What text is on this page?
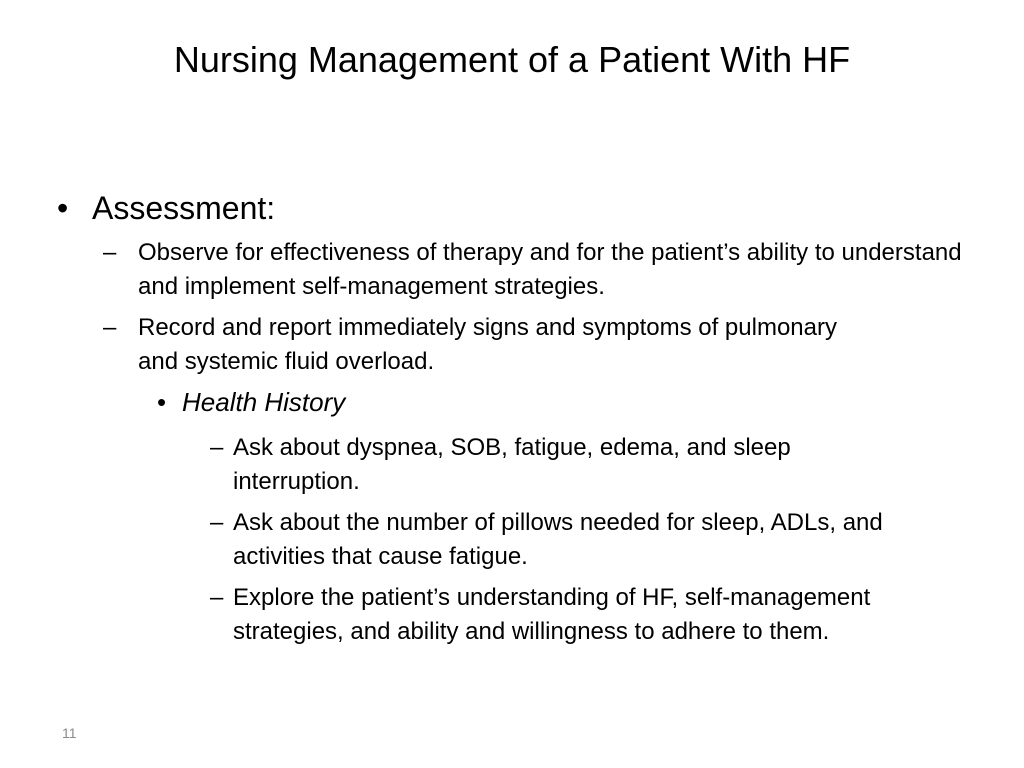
Nursing Management of a Patient With HF
• Assessment:
– Observe for effectiveness of therapy and for the patient’s ability to understand and implement self-management strategies.
– Record and report immediately signs and symptoms of pulmonary and systemic fluid overload.
• Health History
– Ask about dyspnea, SOB, fatigue, edema, and sleep interruption.
– Ask about the number of pillows needed for sleep, ADLs, and activities that cause fatigue.
– Explore the patient’s understanding of HF, self-management strategies, and ability and willingness to adhere to them.
11
